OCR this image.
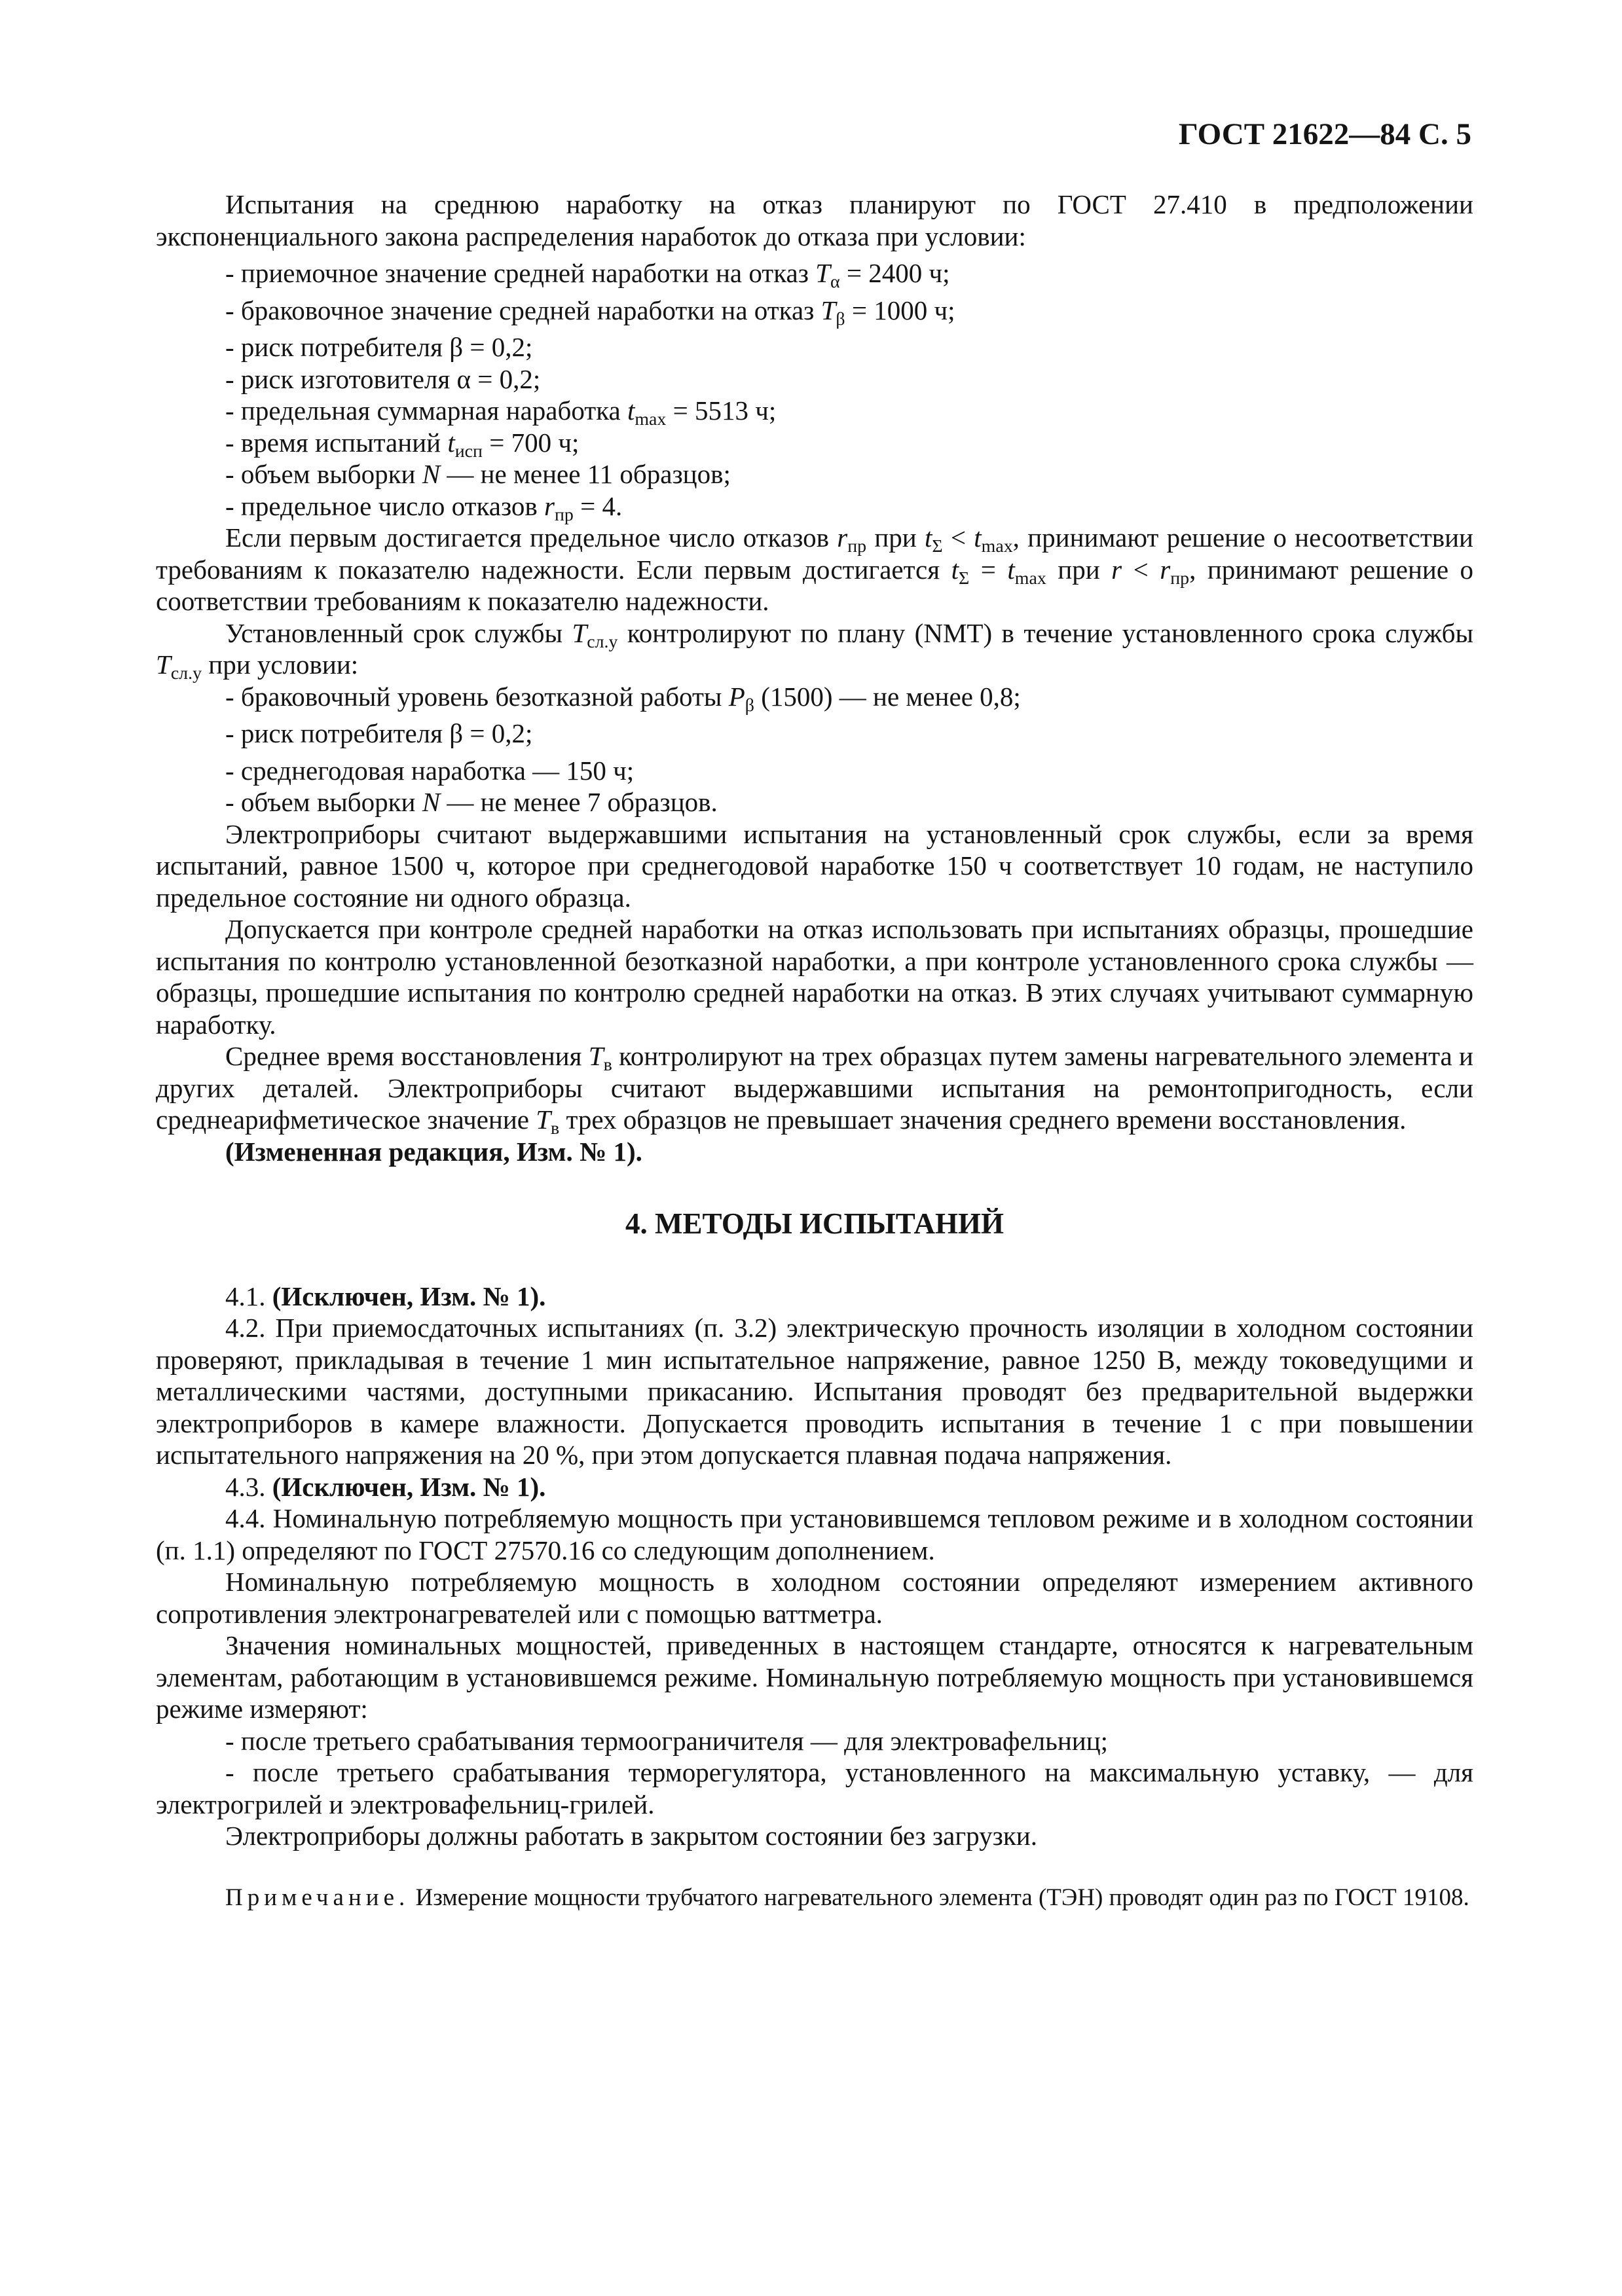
ГОСТ 21622—84 С. 5

Испытания на среднюю наработку на отказ планируют по ГОСТ 27.410 в предположении экспоненциального закона распределения наработок до отказа при условии:

- приемочное значение средней наработки на отказ $T_\alpha = 2400$ ч;

- браковочное значение средней наработки на отказ $T_\beta = 1000$ ч;

- риск потребителя β = 0,2;

- риск изготовителя α = 0,2;

- предельная суммарная наработка $t_{max} = 5513$ ч;

- время испытаний $t_{исп} = 700$ ч;

- объем выборки N — не менее 11 образцов;

- предельное число отказов $r_{пр} = 4$.

Если первым достигается предельное число отказов $r_{пр}$ при $t_\Sigma < t_{max}$, принимают решение о несоответствии требованиям к показателю надежности. Если первым достигается $t_\Sigma = t_{max}$ при $r < r_{пр}$, принимают решение о соответствии требованиям к показателю надежности.

Установленный срок службы $T_{сл.у}$ контролируют по плану (NMT) в течение установленного срока службы $T_{сл.у}$ при условии:

- браковочный уровень безотказной работы $P_\beta$ (1500) — не менее 0,8;

- риск потребителя β = 0,2;

- среднегодовая наработка — 150 ч;

- объем выборки N — не менее 7 образцов.

Электроприборы считают выдержавшими испытания на установленный срок службы, если за время испытаний, равное 1500 ч, которое при среднегодовой наработке 150 ч соответствует 10 годам, не наступило предельное состояние ни одного образца.

Допускается при контроле средней наработки на отказ использовать при испытаниях образцы, прошедшие испытания по контролю установленной безотказной наработки, а при контроле установленного срока службы — образцы, прошедшие испытания по контролю средней наработки на отказ. В этих случаях учитывают суммарную наработку.

Среднее время восстановления $T_в$ контролируют на трех образцах путем замены нагревательного элемента и других деталей. Электроприборы считают выдержавшими испытания на ремонтопригодность, если среднеарифметическое значение $T_в$ трех образцов не превышает значения среднего времени восстановления.

(Измененная редакция, Изм. № 1).

4. МЕТОДЫ ИСПЫТАНИЙ

4.1. (Исключен, Изм. № 1).

4.2. При приемосдаточных испытаниях (п. 3.2) электрическую прочность изоляции в холодном состоянии проверяют, прикладывая в течение 1 мин испытательное напряжение, равное 1250 В, между токоведущими и металлическими частями, доступными прикасанию. Испытания проводят без предварительной выдержки электроприборов в камере влажности. Допускается проводить испытания в течение 1 с при повышении испытательного напряжения на 20 %, при этом допускается плавная подача напряжения.

4.3. (Исключен, Изм. № 1).

4.4. Номинальную потребляемую мощность при установившемся тепловом режиме и в холодном состоянии (п. 1.1) определяют по ГОСТ 27570.16 со следующим дополнением.

Номинальную потребляемую мощность в холодном состоянии определяют измерением активного сопротивления электронагревателей или с помощью ваттметра.

Значения номинальных мощностей, приведенных в настоящем стандарте, относятся к нагревательным элементам, работающим в установившемся режиме. Номинальную потребляемую мощность при установившемся режиме измеряют:

- после третьего срабатывания термоограничителя — для электровафельниц;

- после третьего срабатывания терморегулятора, установленного на максимальную уставку, — для электрогрилей и электровафельниц-грилей.

Электроприборы должны работать в закрытом состоянии без загрузки.

Примечание. Измерение мощности трубчатого нагревательного элемента (ТЭН) проводят один раз по ГОСТ 19108.
